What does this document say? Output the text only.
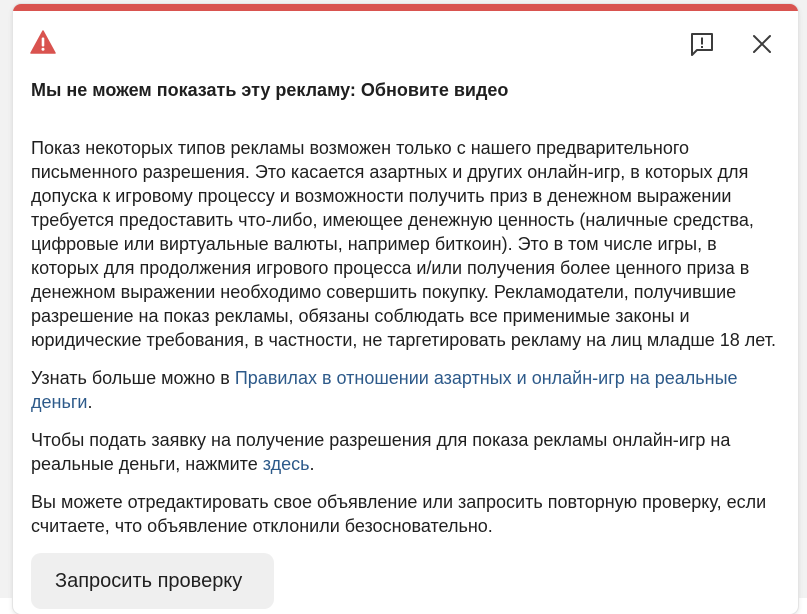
Мы не можем показать эту рекламу: Обновите видео

Показ некоторых типов рекламы возможен только с нашего предварительного письменного разрешения. Это касается азартных и других онлайн-игр, в которых для допуска к игровому процессу и возможности получить приз в денежном выражении требуется предоставить что-либо, имеющее денежную ценность (наличные средства, цифровые или виртуальные валюты, например биткоин). Это в том числе игры, в которых для продолжения игрового процесса и/или получения более ценного приза в денежном выражении необходимо совершить покупку. Рекламодатели, получившие разрешение на показ рекламы, обязаны соблюдать все применимые законы и юридические требования, в частности, не таргетировать рекламу на лиц младше 18 лет.

Узнать больше можно в Правилах в отношении азартных и онлайн-игр на реальные деньги.

Чтобы подать заявку на получение разрешения для показа рекламы онлайн-игр на реальные деньги, нажмите здесь.

Вы можете отредактировать свое объявление или запросить повторную проверку, если считаете, что объявление отклонили безосновательно.

Запросить проверку
